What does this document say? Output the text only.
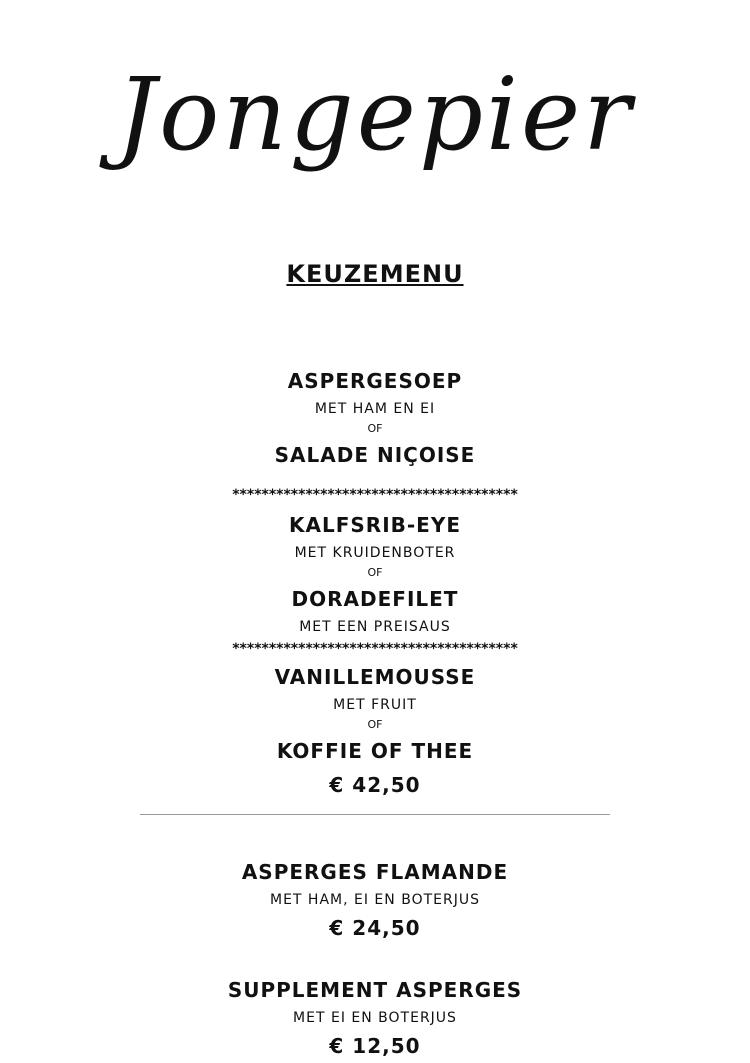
Jongepier
KEUZEMENU
ASPERGESOEP
MET HAM EN EI
OF
SALADE NIÇOISE
***************************************
KALFSRIB-EYE
MET KRUIDENBOTER
OF
DORADEFILET
MET EEN PREISAUS
***************************************
VANILLEMOUSSE
MET FRUIT
OF
KOFFIE OF THEE
€ 42,50
ASPERGES FLAMANDE
MET HAM, EI EN BOTERJUS
€ 24,50
SUPPLEMENT ASPERGES
MET EI EN BOTERJUS
€ 12,50
